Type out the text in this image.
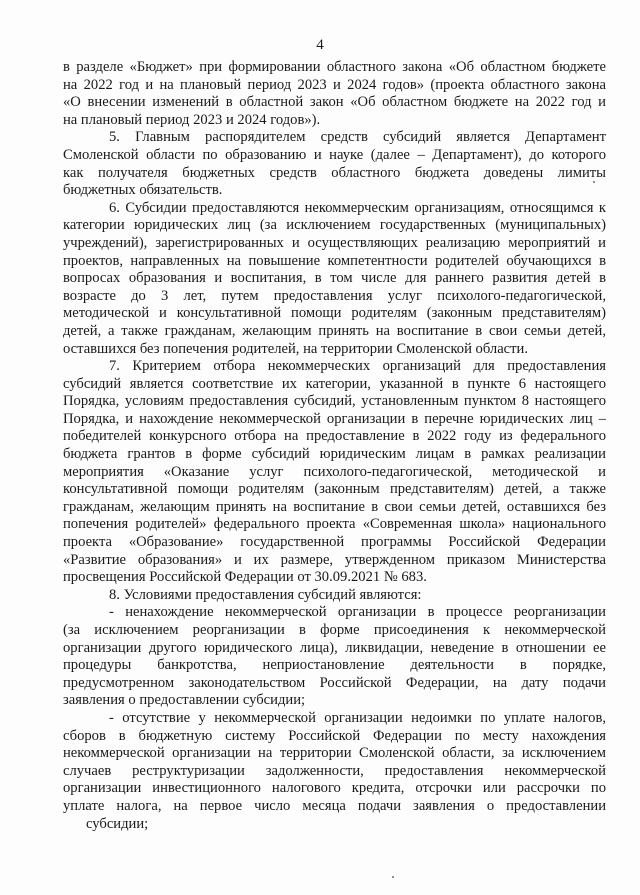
4
в разделе «Бюджет» при формировании областного закона «Об областном бюджете
на 2022 год и на плановый период 2023 и 2024 годов» (проекта областного закона
«О внесении изменений в областной закон «Об областном бюджете на 2022 год и
на плановый период 2023 и 2024 годов»).
5. Главным распорядителем средств субсидий является Департамент
Смоленской области по образованию и науке (далее – Департамент), до которого
как получателя бюджетных средств областного бюджета доведены лимиты
бюджетных обязательств.
6. Субсидии предоставляются некоммерческим организациям, относящимся к
категории юридических лиц (за исключением государственных (муниципальных)
учреждений), зарегистрированных и осуществляющих реализацию мероприятий и
проектов, направленных на повышение компетентности родителей обучающихся в
вопросах образования и воспитания, в том числе для раннего развития детей в
возрасте до 3 лет, путем предоставления услуг психолого-педагогической,
методической и консультативной помощи родителям (законным представителям)
детей, а также гражданам, желающим принять на воспитание в свои семьи детей,
оставшихся без попечения родителей, на территории Смоленской области.
7. Критерием отбора некоммерческих организаций для предоставления
субсидий является соответствие их категории, указанной в пункте 6 настоящего
Порядка, условиям предоставления субсидий, установленным пунктом 8 настоящего
Порядка, и нахождение некоммерческой организации в перечне юридических лиц –
победителей конкурсного отбора на предоставление в 2022 году из федерального
бюджета грантов в форме субсидий юридическим лицам в рамках реализации
мероприятия «Оказание услуг психолого-педагогической, методической и
консультативной помощи родителям (законным представителям) детей, а также
гражданам, желающим принять на воспитание в свои семьи детей, оставшихся без
попечения родителей» федерального проекта «Современная школа» национального
проекта «Образование» государственной программы Российской Федерации
«Развитие образования» и их размере, утвержденном приказом Министерства
просвещения Российской Федерации от 30.09.2021 № 683.
8. Условиями предоставления субсидий являются:
- ненахождение некоммерческой организации в процессе реорганизации
(за исключением реорганизации в форме присоединения к некоммерческой
организации другого юридического лица), ликвидации, неведение в отношении ее
процедуры банкротства, неприостановление деятельности в порядке,
предусмотренном законодательством Российской Федерации, на дату подачи
заявления о предоставлении субсидии;
- отсутствие у некоммерческой организации недоимки по уплате налогов,
сборов в бюджетную систему Российской Федерации по месту нахождения
некоммерческой организации на территории Смоленской области, за исключением
случаев реструктуризации задолженности, предоставления некоммерческой
организации инвестиционного налогового кредита, отсрочки или рассрочки по
уплате налога, на первое число месяца подачи заявления о предоставлении
субсидии;
